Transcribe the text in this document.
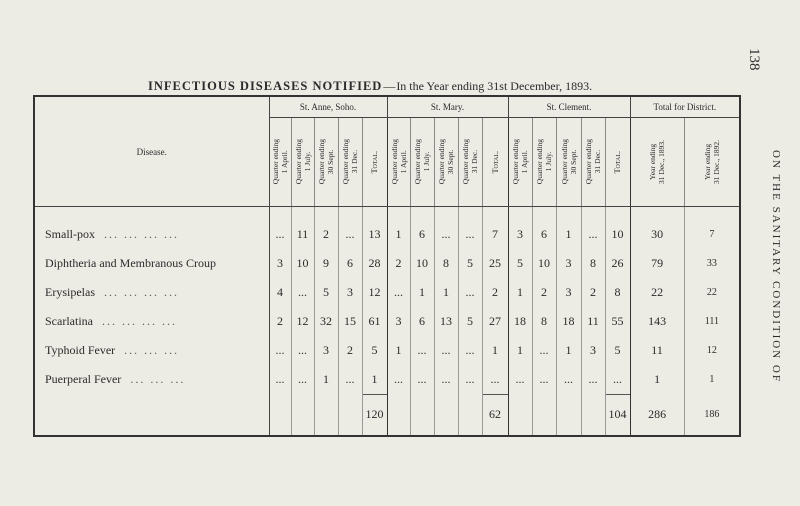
138
ON THE SANITARY CONDITION OF
INFECTIOUS DISEASES NOTIFIED—In the Year ending 31st December, 1893.
Disease.	St. Anne, Soho.					St. Mary.					St. Clement.					Total for District.	

	Quarter ending
1 April.	Quarter ending
1 July.	Quarter ending
30 Sept.	Quarter ending
31 Dec.	Total.	Quarter ending
1 April.	Quarter ending
1 July.	Quarter ending
30 Sept.	Quarter ending
31 Dec.	Total.	Quarter ending
1 April.	Quarter ending
1 July.	Quarter ending
30 Sept.	Quarter ending
31 Dec.	Total.	Year ending
31 Dec., 1893.	Year ending
31 Dec., 1892.

Small-pox ... ... ... ...	...	11	2	...	13	1	6	...	...	7	3	6	1	...	10	30	7
Diphtheria and Membranous Croup	3	10	9	6	28	2	10	8	5	25	5	10	3	8	26	79	33
Erysipelas ... ... ... ...	4	...	5	3	12	...	1	1	...	2	1	2	3	2	8	22	22
Scarlatina ... ... ... ...	2	12	32	15	61	3	6	13	5	27	18	8	18	11	55	143	111
Typhoid Fever ... ... ...	...	...	3	2	5	1	...	...	...	1	1	...	1	3	5	11	12
Puerperal Fever ... ... ...	...	...	1	...	1	...	...	...	...	...	...	...	...	...	...	1	1
					120					62					104	286	186
